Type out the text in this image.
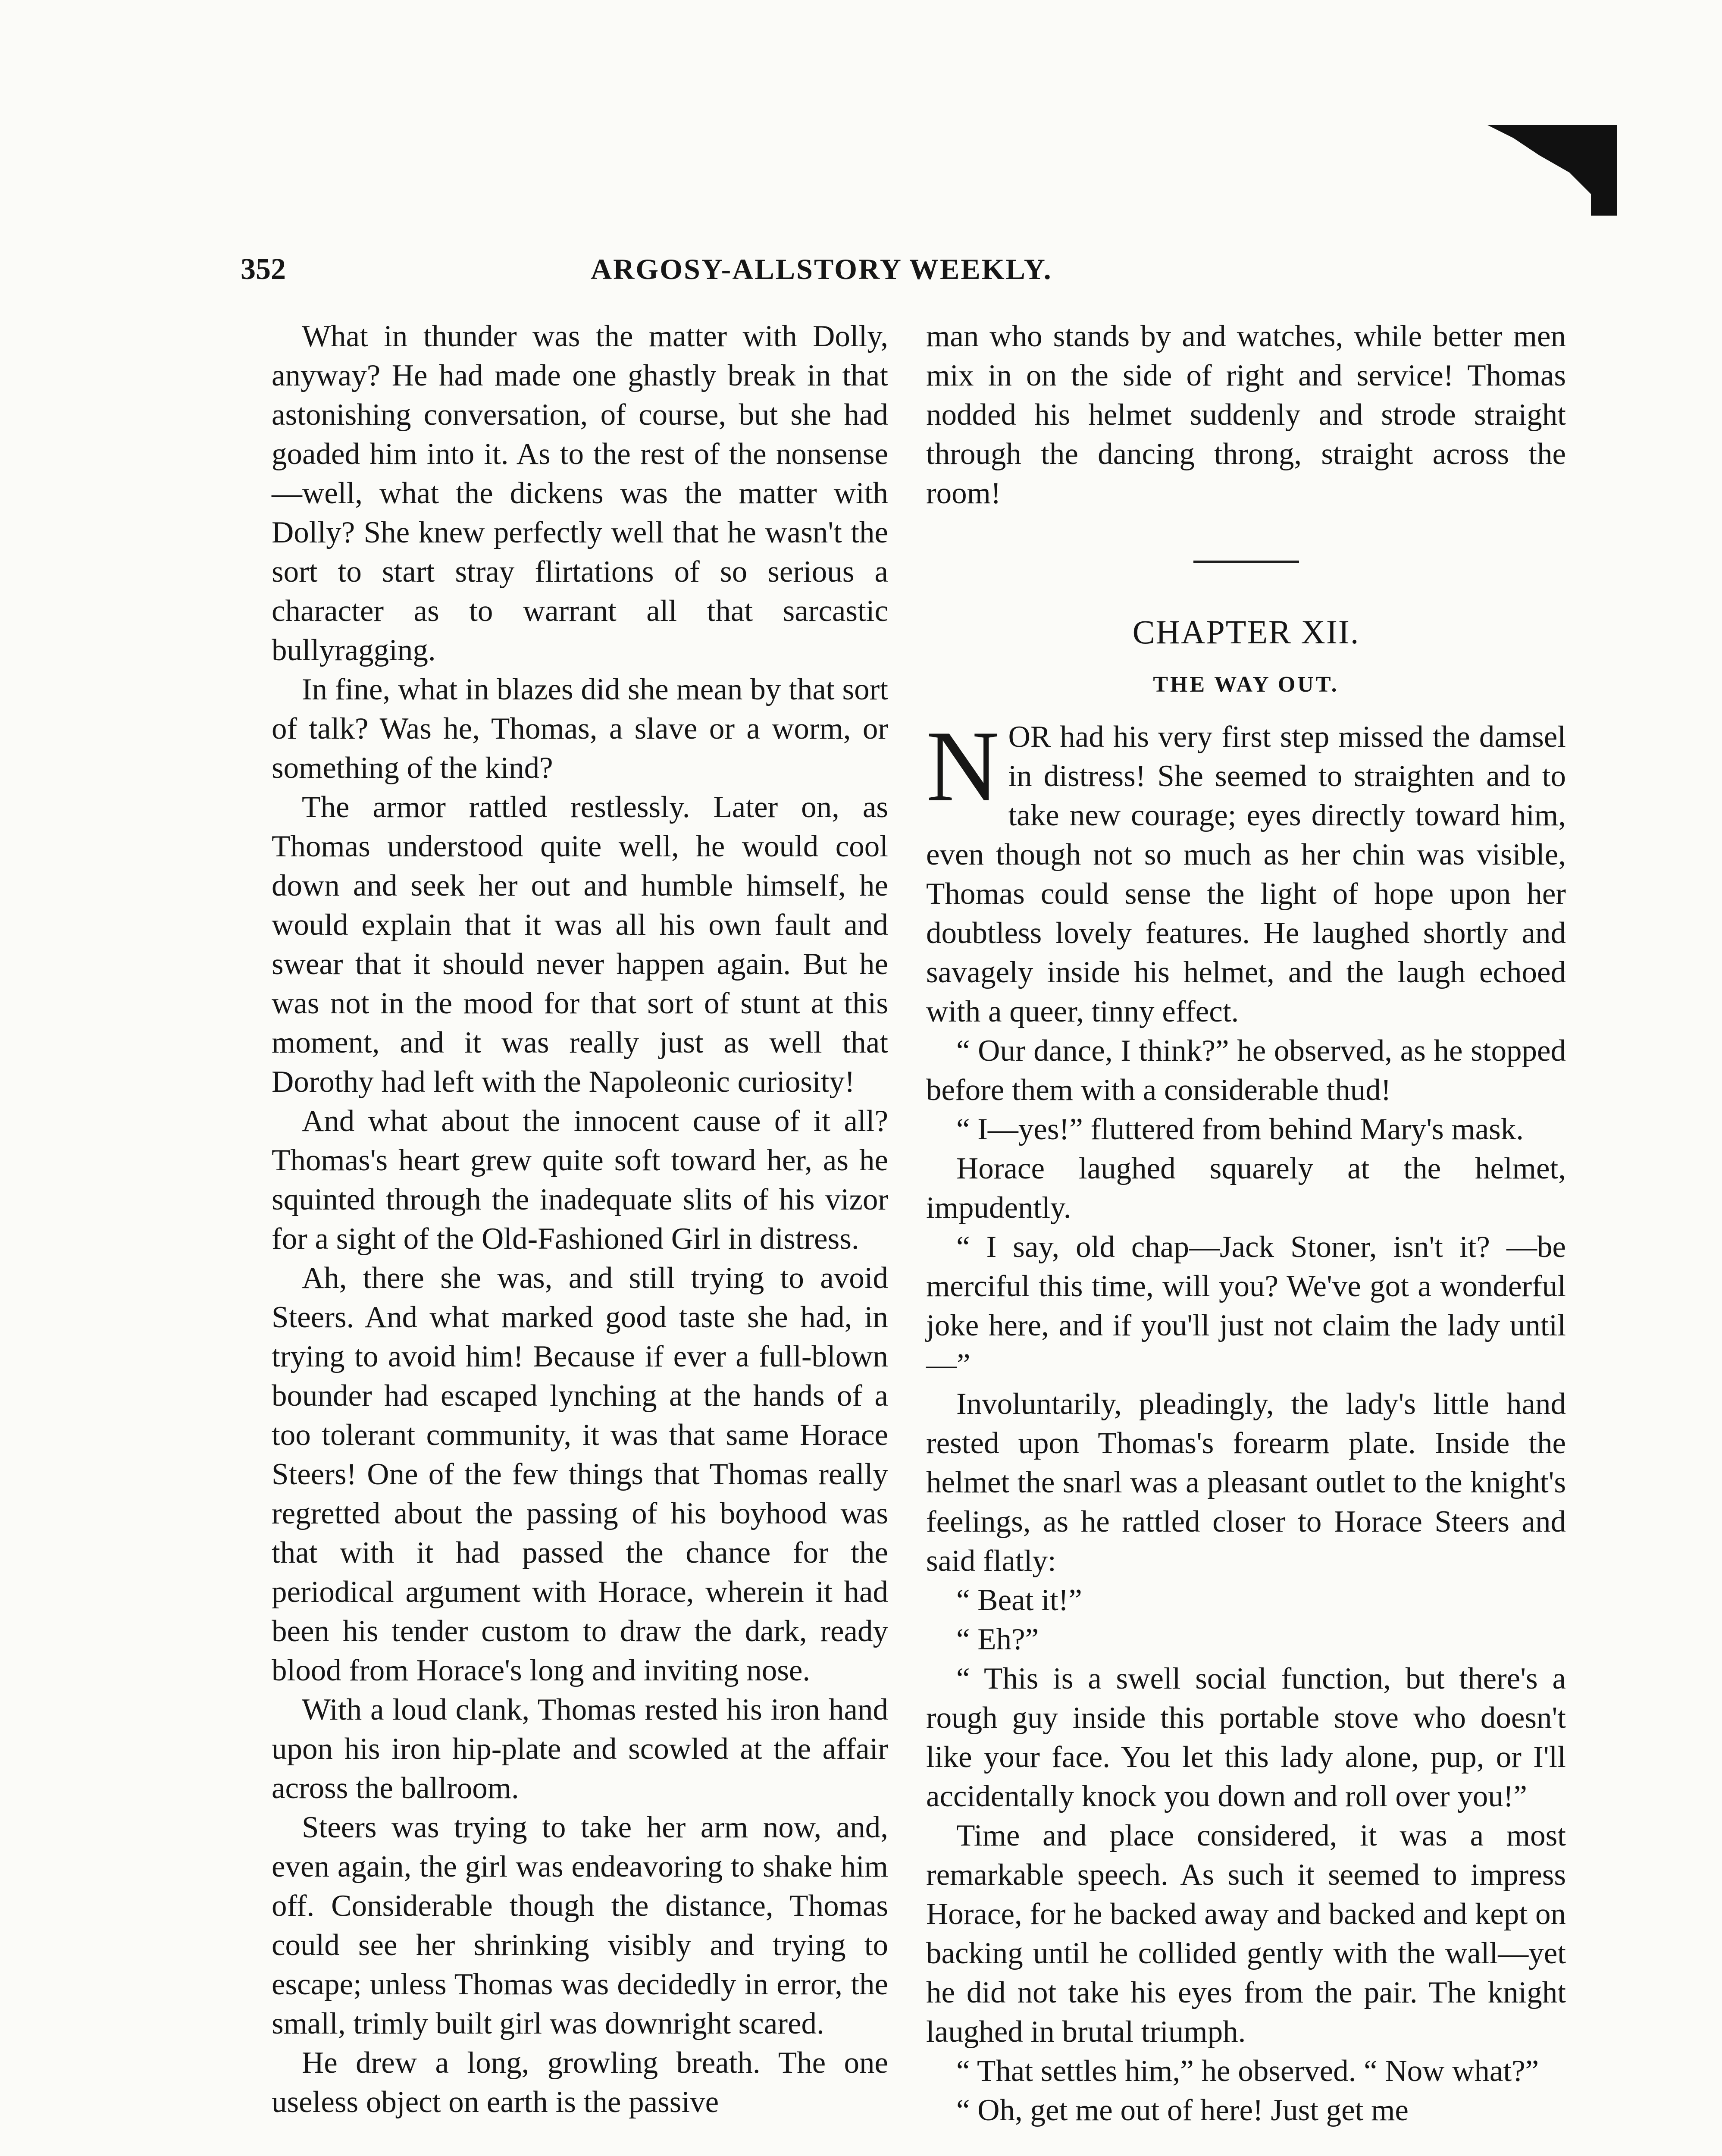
352	ARGOSY-ALLSTORY WEEKLY.

What in thunder was the matter with Dolly, anyway? He had made one ghastly break in that astonishing conversation, of course, but she had goaded him into it. As to the rest of the nonsense—well, what the dickens was the matter with Dolly? She knew perfectly well that he wasn't the sort to start stray flirtations of so serious a character as to warrant all that sarcastic bullyragging.

In fine, what in blazes did she mean by that sort of talk? Was he, Thomas, a slave or a worm, or something of the kind?

The armor rattled restlessly. Later on, as Thomas understood quite well, he would cool down and seek her out and humble himself, he would explain that it was all his own fault and swear that it should never happen again. But he was not in the mood for that sort of stunt at this moment, and it was really just as well that Dorothy had left with the Napoleonic curiosity!

And what about the innocent cause of it all? Thomas's heart grew quite soft toward her, as he squinted through the inadequate slits of his vizor for a sight of the Old-Fashioned Girl in distress.

Ah, there she was, and still trying to avoid Steers. And what marked good taste she had, in trying to avoid him! Because if ever a full-blown bounder had escaped lynching at the hands of a too tolerant community, it was that same Horace Steers! One of the few things that Thomas really regretted about the passing of his boyhood was that with it had passed the chance for the periodical argument with Horace, wherein it had been his tender custom to draw the dark, ready blood from Horace's long and inviting nose.

With a loud clank, Thomas rested his iron hand upon his iron hip-plate and scowled at the affair across the ballroom.

Steers was trying to take her arm now, and, even again, the girl was endeavoring to shake him off. Considerable though the distance, Thomas could see her shrinking visibly and trying to escape; unless Thomas was decidedly in error, the small, trimly built girl was downright scared.

He drew a long, growling breath. The one useless object on earth is the passive

man who stands by and watches, while better men mix in on the side of right and service! Thomas nodded his helmet suddenly and strode straight through the dancing throng, straight across the room!

CHAPTER XII.
THE WAY OUT.

NOR had his very first step missed the damsel in distress! She seemed to straighten and to take new courage; eyes directly toward him, even though not so much as her chin was visible, Thomas could sense the light of hope upon her doubtless lovely features. He laughed shortly and savagely inside his helmet, and the laugh echoed with a queer, tinny effect.

“ Our dance, I think?” he observed, as he stopped before them with a considerable thud!

“ I—yes!” fluttered from behind Mary's mask.

Horace laughed squarely at the helmet, impudently.

“ I say, old chap—Jack Stoner, isn't it? —be merciful this time, will you? We've got a wonderful joke here, and if you'll just not claim the lady until—”

Involuntarily, pleadingly, the lady's little hand rested upon Thomas's forearm plate. Inside the helmet the snarl was a pleasant outlet to the knight's feelings, as he rattled closer to Horace Steers and said flatly:

“ Beat it!”

“ Eh?”

“ This is a swell social function, but there's a rough guy inside this portable stove who doesn't like your face. You let this lady alone, pup, or I'll accidentally knock you down and roll over you!”

Time and place considered, it was a most remarkable speech. As such it seemed to impress Horace, for he backed away and backed and kept on backing until he collided gently with the wall—yet he did not take his eyes from the pair. The knight laughed in brutal triumph.

“ That settles him,” he observed. “ Now what?”

“ Oh, get me out of here! Just get me
